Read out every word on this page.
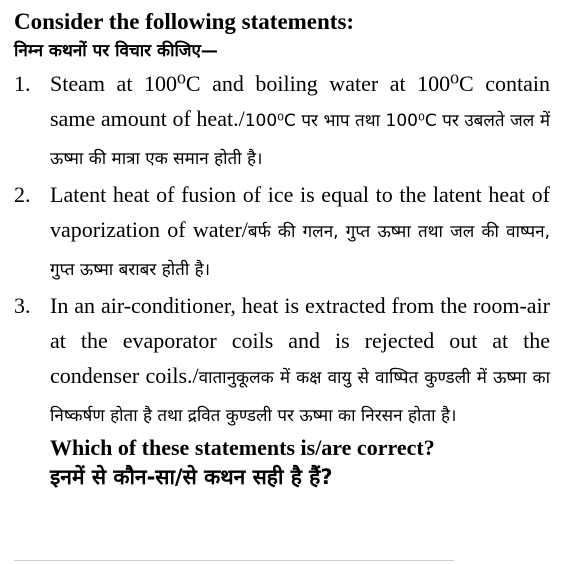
Consider the following statements:

निम्न कथनों पर विचार कीजिए—

1. Steam at 100⁰C and boiling water at 100⁰C contain same amount of heat./100⁰C पर भाप तथा 100⁰C पर उबलते जल में ऊष्मा की मात्रा एक समान होती है।
2. Latent heat of fusion of ice is equal to the latent heat of vaporization of water/बर्फ की गलन, गुप्त ऊष्मा तथा जल की वाष्पन, गुप्त ऊष्मा बराबर होती है।
3. In an air-conditioner, heat is extracted from the room-air at the evaporator coils and is rejected out at the condenser coils./वातानुकूलक में कक्ष वायु से वाष्पित कुण्डली में ऊष्मा का निष्कर्षण होता है तथा द्रवित कुण्डली पर ऊष्मा का निरसन होता है।

Which of these statements is/are correct?

इनमें से कौन-सा/से कथन सही है हैं?
